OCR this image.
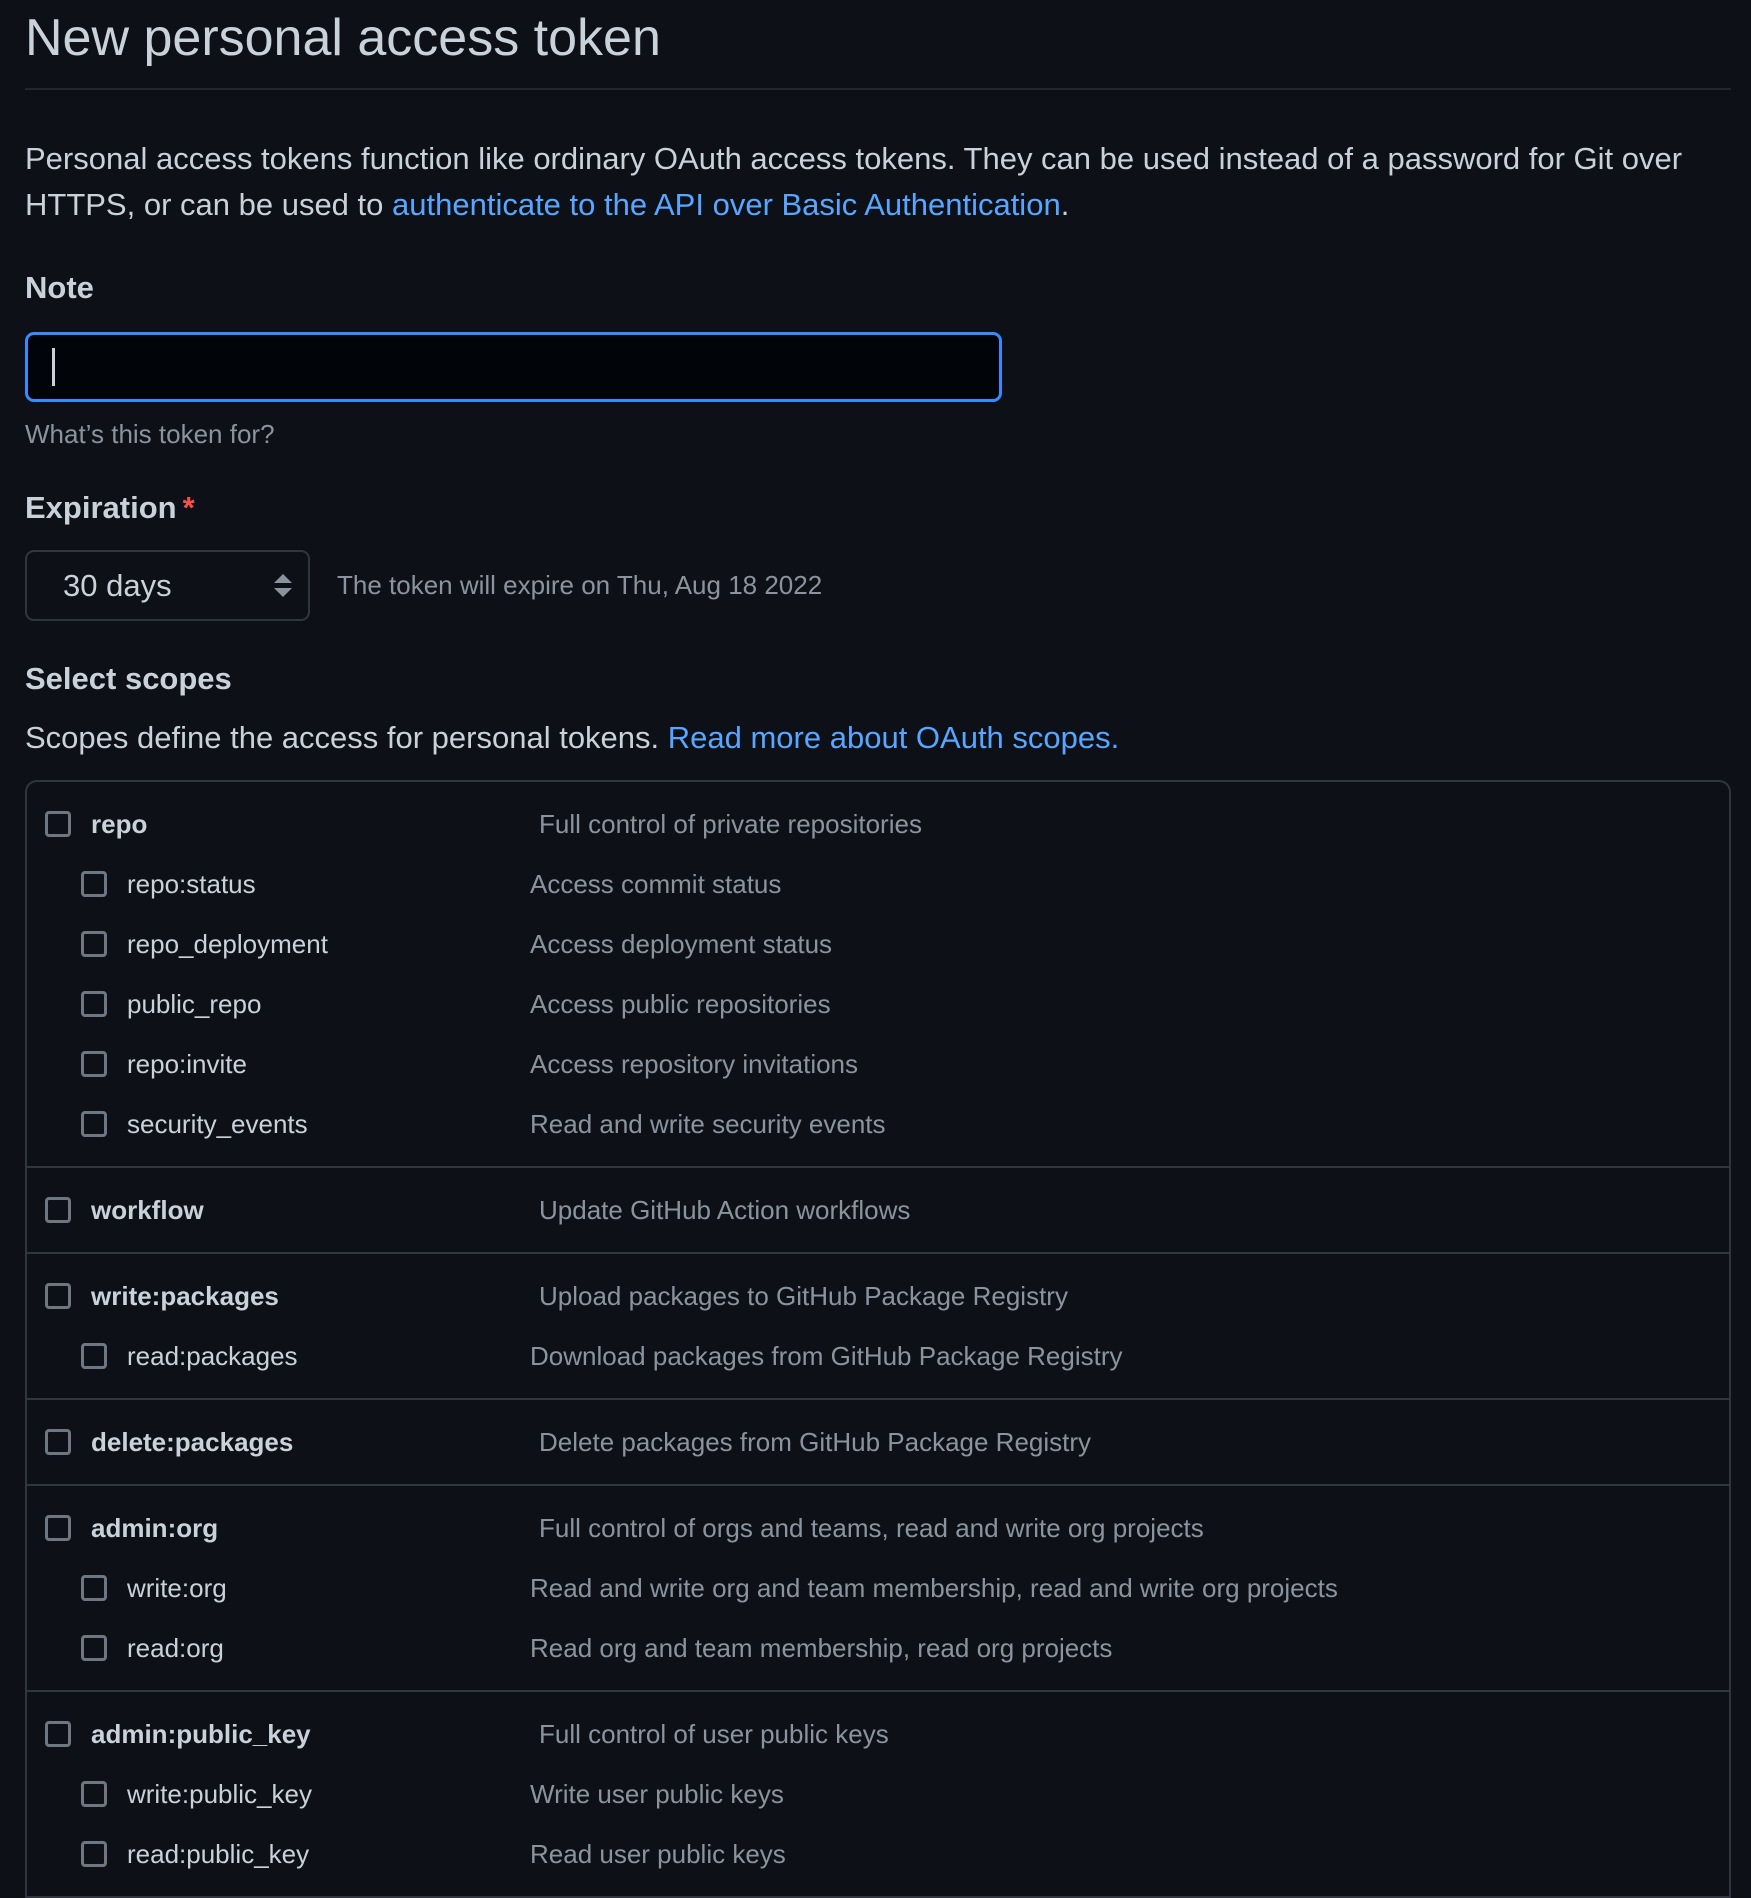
New personal access token

Personal access tokens function like ordinary OAuth access tokens. They can be used instead of a password for Git over HTTPS, or can be used to authenticate to the API over Basic Authentication.

Note
What’s this token for?
Expiration *
30 days	The token will expire on Thu, Aug 18 2022
Select scopes
Scopes define the access for personal tokens. Read more about OAuth scopes.
repo	Full control of private repositories
repo:status	Access commit status
repo_deployment	Access deployment status
public_repo	Access public repositories
repo:invite	Access repository invitations
security_events	Read and write security events
workflow	Update GitHub Action workflows
write:packages	Upload packages to GitHub Package Registry
read:packages	Download packages from GitHub Package Registry
delete:packages	Delete packages from GitHub Package Registry
admin:org	Full control of orgs and teams, read and write org projects
write:org	Read and write org and team membership, read and write org projects
read:org	Read org and team membership, read org projects
admin:public_key	Full control of user public keys
write:public_key	Write user public keys
read:public_key	Read user public keys
